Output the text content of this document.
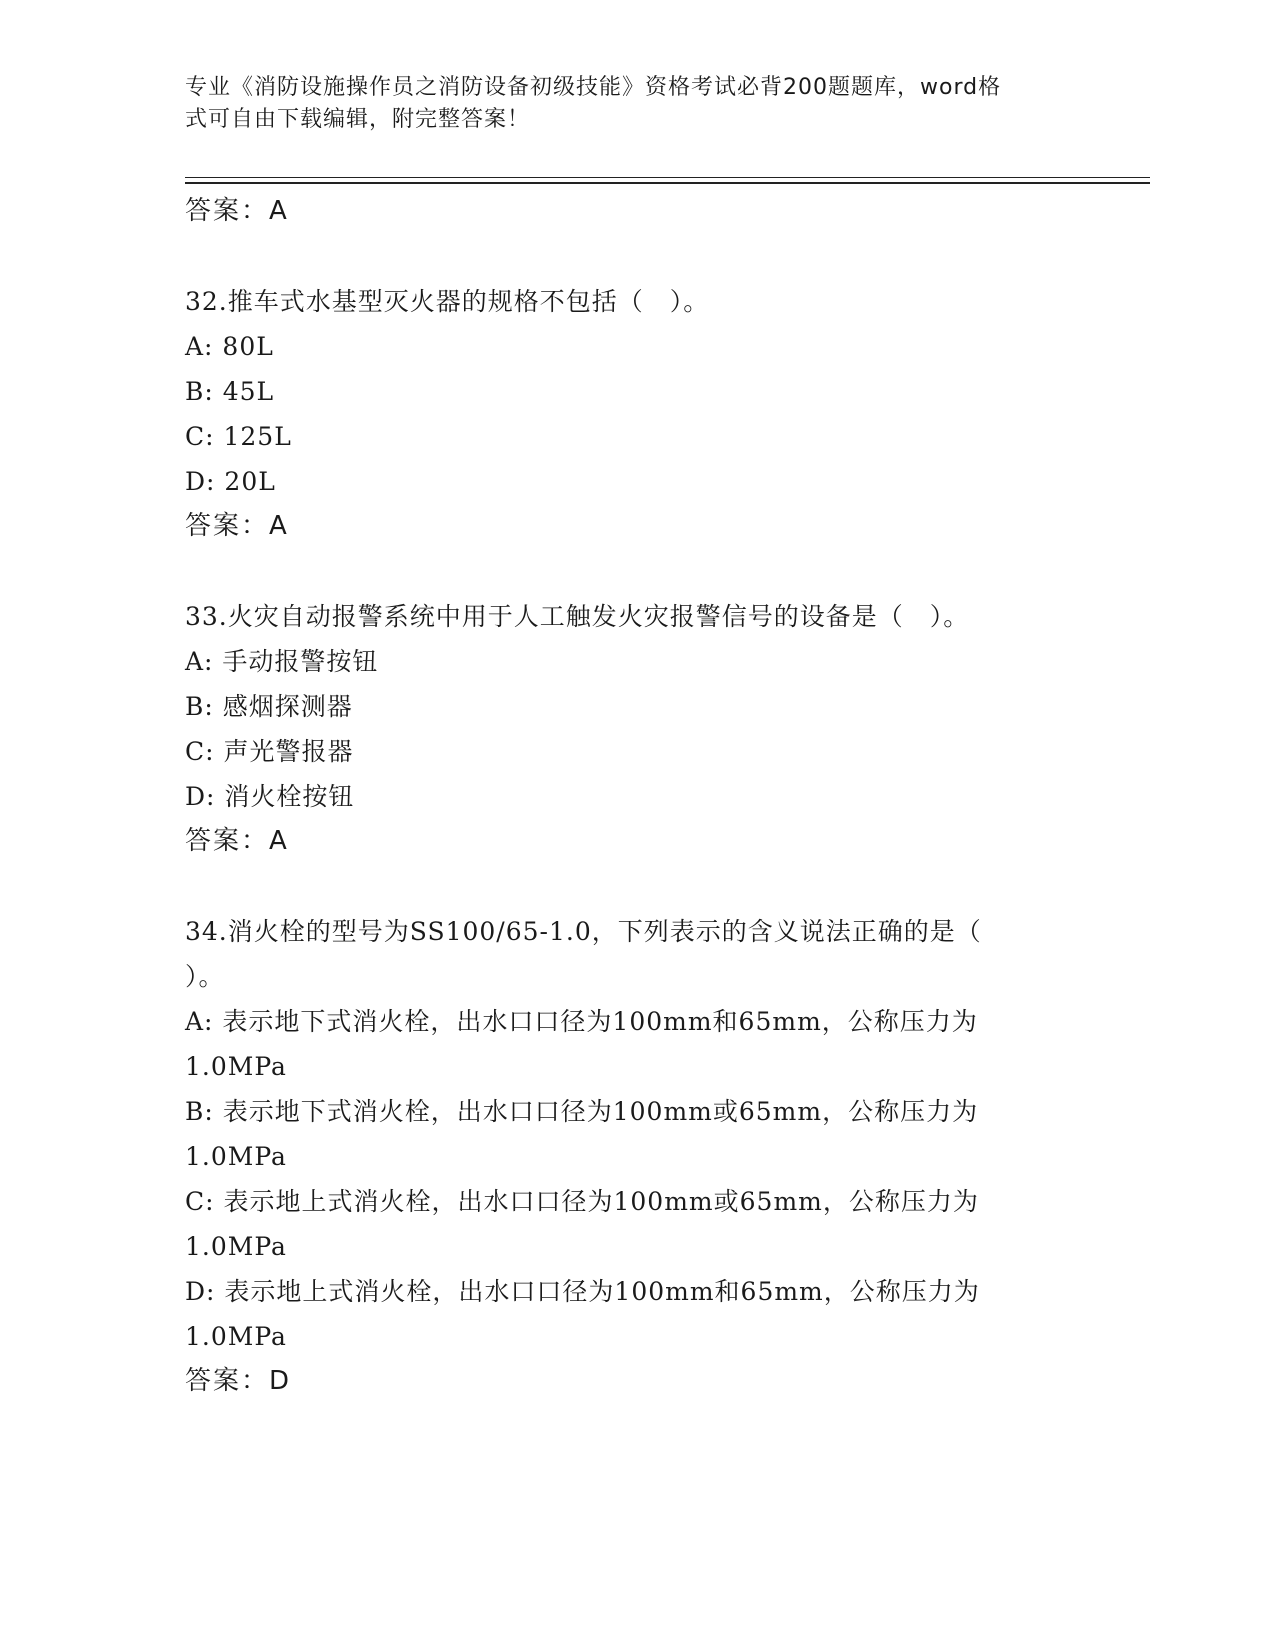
专业《消防设施操作员之消防设备初级技能》资格考试必背200题题库，word格
式可自由下载编辑，附完整答案！
答案：A
32.推车式水基型灭火器的规格不包括（　）。
A: 80L
B: 45L
C: 125L
D: 20L
答案：A
33.火灾自动报警系统中用于人工触发火灾报警信号的设备是（　）。
A: 手动报警按钮
B: 感烟探测器
C: 声光警报器
D: 消火栓按钮
答案：A
34.消火栓的型号为SS100/65-1.0，下列表示的含义说法正确的是（
）。
A: 表示地下式消火栓，出水口口径为100mm和65mm，公称压力为
1.0MPa
B: 表示地下式消火栓，出水口口径为100mm或65mm，公称压力为
1.0MPa
C: 表示地上式消火栓，出水口口径为100mm或65mm，公称压力为
1.0MPa
D: 表示地上式消火栓，出水口口径为100mm和65mm，公称压力为
1.0MPa
答案：D
